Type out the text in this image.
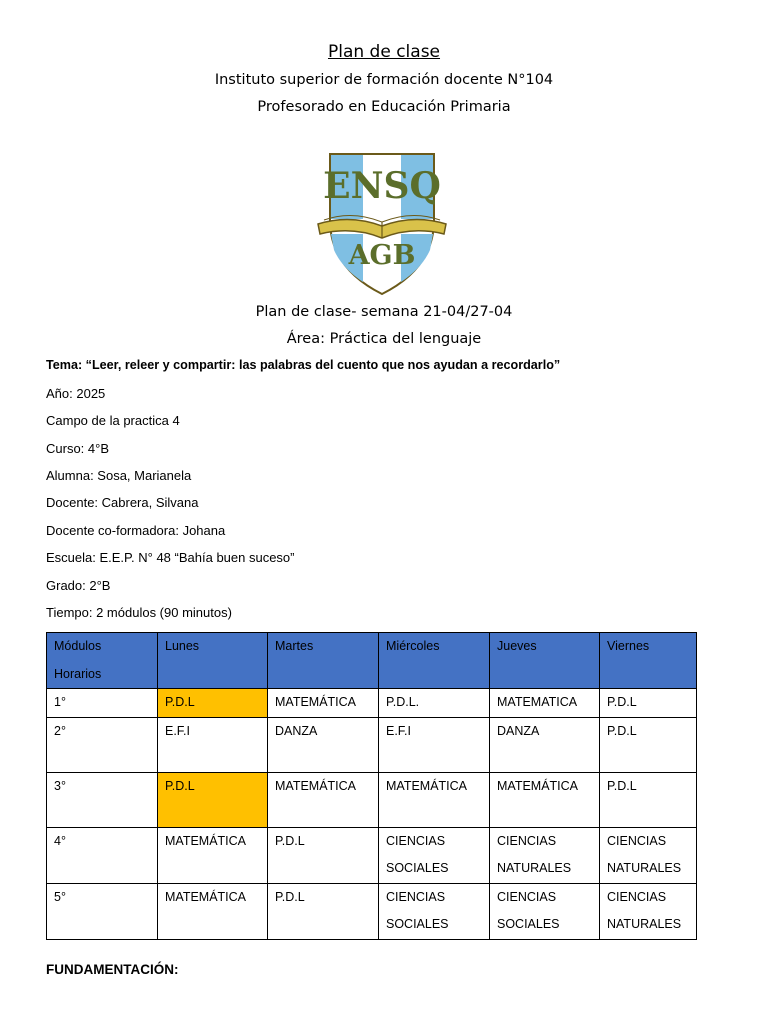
Plan de clase
Instituto superior de formación docente N°104
Profesorado en Educación Primaria
ENSQ
AGB
Plan de clase- semana 21-04/27-04
Área: Práctica del lenguaje
Tema: “Leer, releer y compartir: las palabras del cuento que nos ayudan a recordarlo”
Año: 2025
Campo de la practica 4
Curso: 4°B
Alumna: Sosa, Marianela
Docente: Cabrera, Silvana
Docente co-formadora: Johana
Escuela: E.E.P. N° 48 “Bahía buen suceso”
Grado: 2°B
Tiempo: 2 módulos (90 minutos)
Módulos
Horarios	Lunes	Martes	Miércoles	Jueves	Viernes
1°	P.D.L	MATEMÁTICA	P.D.L.	MATEMATICA	P.D.L
2°	E.F.I	DANZA	E.F.I	DANZA	P.D.L
3°	P.D.L	MATEMÁTICA	MATEMÁTICA	MATEMÁTICA	P.D.L
4°	MATEMÁTICA	P.D.L	CIENCIAS SOCIALES	CIENCIAS NATURALES	CIENCIAS NATURALES
5°	MATEMÁTICA	P.D.L	CIENCIAS SOCIALES	CIENCIAS SOCIALES	CIENCIAS NATURALES
FUNDAMENTACIÓN:
